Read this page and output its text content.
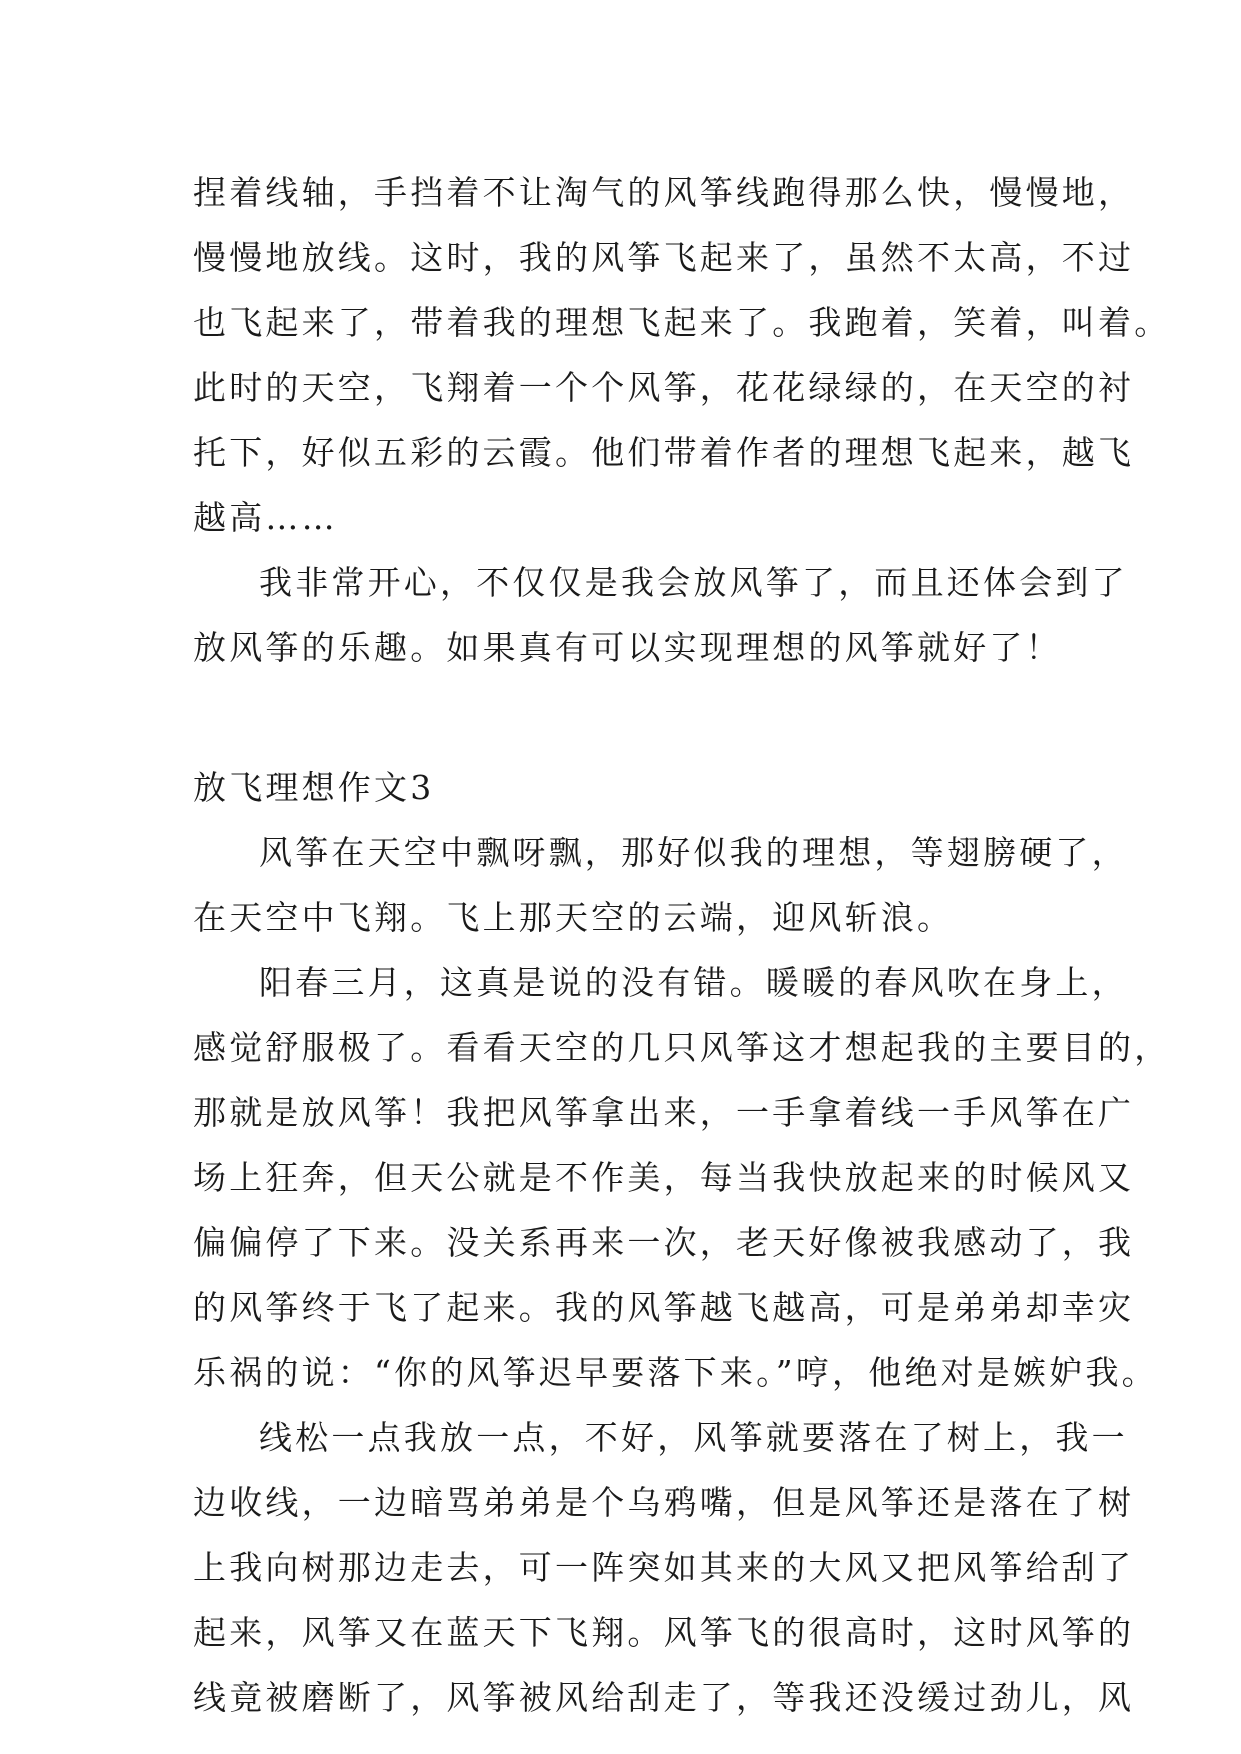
捏着线轴，手挡着不让淘气的风筝线跑得那么快，慢慢地，
慢慢地放线。这时，我的风筝飞起来了，虽然不太高，不过
也飞起来了，带着我的理想飞起来了。我跑着，笑着，叫着。
此时的天空，飞翔着一个个风筝，花花绿绿的，在天空的衬
托下，好似五彩的云霞。他们带着作者的理想飞起来，越飞
越高……
我非常开心，不仅仅是我会放风筝了，而且还体会到了
放风筝的乐趣。如果真有可以实现理想的风筝就好了！
放飞理想作文3
风筝在天空中飘呀飘，那好似我的理想，等翅膀硬了，
在天空中飞翔。飞上那天空的云端，迎风斩浪。
阳春三月，这真是说的没有错。暖暖的春风吹在身上，
感觉舒服极了。看看天空的几只风筝这才想起我的主要目的，
那就是放风筝！我把风筝拿出来，一手拿着线一手风筝在广
场上狂奔，但天公就是不作美，每当我快放起来的时候风又
偏偏停了下来。没关系再来一次，老天好像被我感动了，我
的风筝终于飞了起来。我的风筝越飞越高，可是弟弟却幸灾
乐祸的说：“你的风筝迟早要落下来。”哼，他绝对是嫉妒我。
线松一点我放一点，不好，风筝就要落在了树上，我一
边收线，一边暗骂弟弟是个乌鸦嘴，但是风筝还是落在了树
上我向树那边走去，可一阵突如其来的大风又把风筝给刮了
起来，风筝又在蓝天下飞翔。风筝飞的很高时，这时风筝的
线竟被磨断了，风筝被风给刮走了，等我还没缓过劲儿，风
